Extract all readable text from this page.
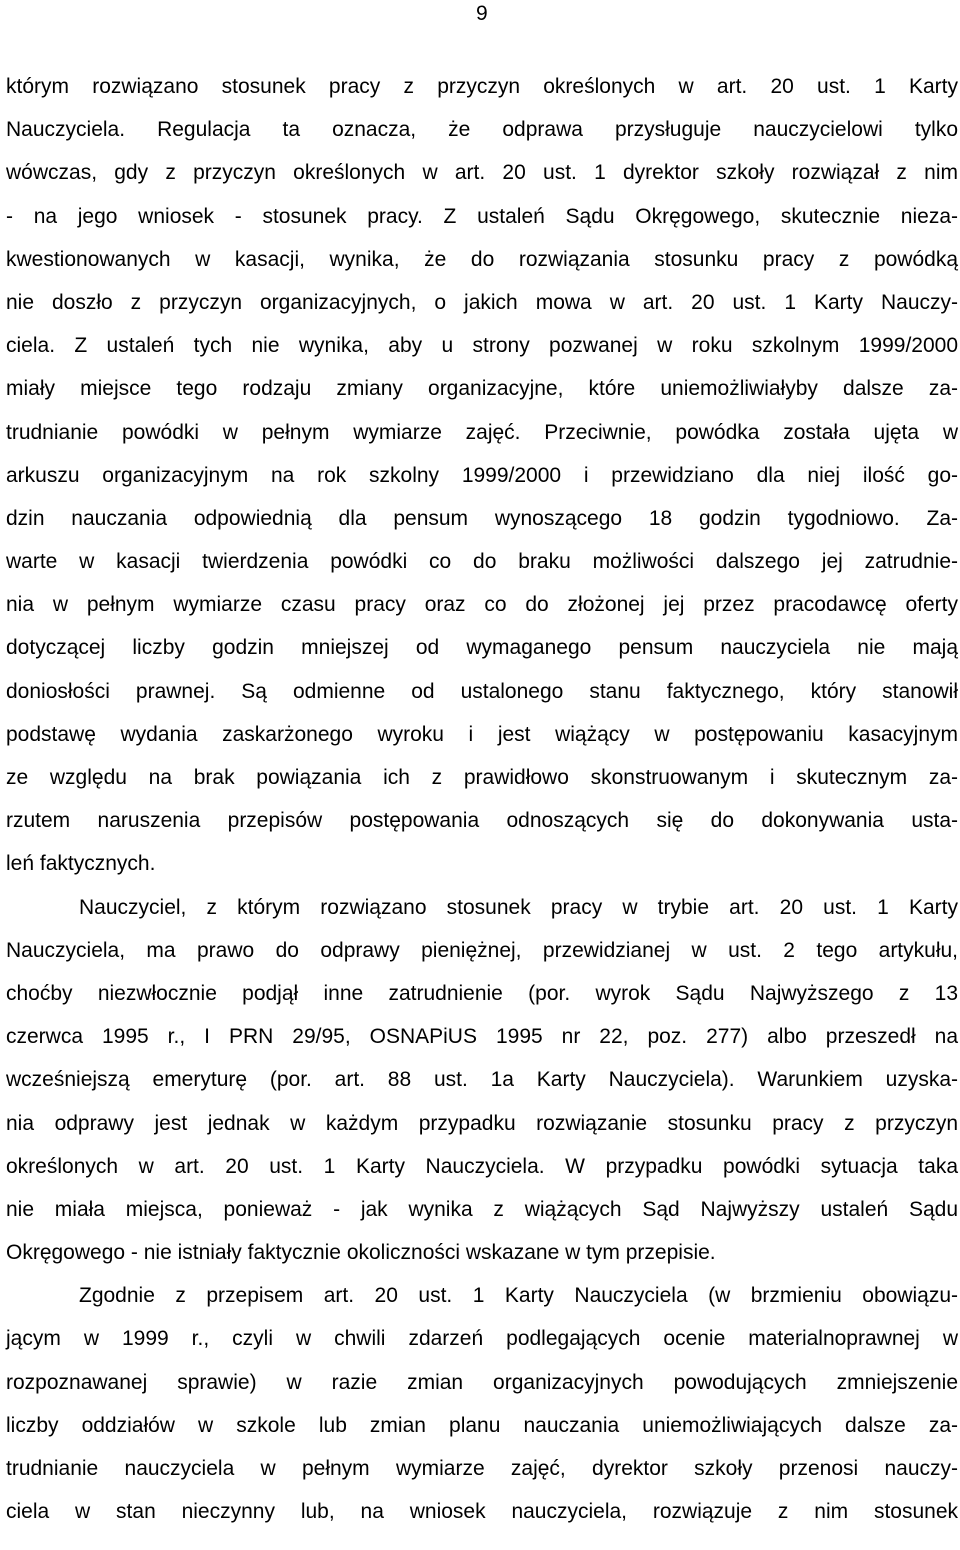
9
którym rozwiązano stosunek pracy z przyczyn określonych w art. 20 ust. 1 Karty
Nauczyciela. Regulacja ta oznacza, że odprawa przysługuje nauczycielowi tylko
wówczas, gdy z przyczyn określonych w art. 20 ust. 1 dyrektor szkoły rozwiązał z nim
- na jego wniosek - stosunek pracy. Z ustaleń Sądu Okręgowego, skutecznie nieza-
kwestionowanych w kasacji, wynika, że do rozwiązania stosunku pracy z powódką
nie doszło z przyczyn organizacyjnych, o jakich mowa w art. 20 ust. 1 Karty Nauczy-
ciela. Z ustaleń tych nie wynika, aby u strony pozwanej w roku szkolnym 1999/2000
miały miejsce tego rodzaju zmiany organizacyjne, które uniemożliwiałyby dalsze za-
trudnianie powódki w pełnym wymiarze zajęć. Przeciwnie, powódka została ujęta w
arkuszu organizacyjnym na rok szkolny 1999/2000 i przewidziano dla niej ilość go-
dzin nauczania odpowiednią dla pensum wynoszącego 18 godzin tygodniowo. Za-
warte w kasacji twierdzenia powódki co do braku możliwości dalszego jej zatrudnie-
nia w pełnym wymiarze czasu pracy oraz co do złożonej jej przez pracodawcę oferty
dotyczącej liczby godzin mniejszej od wymaganego pensum nauczyciela nie mają
doniosłości prawnej. Są odmienne od ustalonego stanu faktycznego, który stanowił
podstawę wydania zaskarżonego wyroku i jest wiążący w postępowaniu kasacyjnym
ze względu na brak powiązania ich z prawidłowo skonstruowanym i skutecznym za-
rzutem naruszenia przepisów postępowania odnoszących się do dokonywania usta-
leń faktycznych.
Nauczyciel, z którym rozwiązano stosunek pracy w trybie art. 20 ust. 1 Karty
Nauczyciela, ma prawo do odprawy pieniężnej, przewidzianej w ust. 2 tego artykułu,
choćby niezwłocznie podjął inne zatrudnienie (por. wyrok Sądu Najwyższego z 13
czerwca 1995 r., I PRN 29/95, OSNAPiUS 1995 nr 22, poz. 277) albo przeszedł na
wcześniejszą emeryturę (por. art. 88 ust. 1a Karty Nauczyciela). Warunkiem uzyska-
nia odprawy jest jednak w każdym przypadku rozwiązanie stosunku pracy z przyczyn
określonych w art. 20 ust. 1 Karty Nauczyciela. W przypadku powódki sytuacja taka
nie miała miejsca, ponieważ - jak wynika z wiążących Sąd Najwyższy ustaleń Sądu
Okręgowego - nie istniały faktycznie okoliczności wskazane w tym przepisie.
Zgodnie z przepisem art. 20 ust. 1 Karty Nauczyciela (w brzmieniu obowiązu-
jącym w 1999 r., czyli w chwili zdarzeń podlegających ocenie materialnoprawnej w
rozpoznawanej sprawie) w razie zmian organizacyjnych powodujących zmniejszenie
liczby oddziałów w szkole lub zmian planu nauczania uniemożliwiających dalsze za-
trudnianie nauczyciela w pełnym wymiarze zajęć, dyrektor szkoły przenosi nauczy-
ciela w stan nieczynny lub, na wniosek nauczyciela, rozwiązuje z nim stosunek
